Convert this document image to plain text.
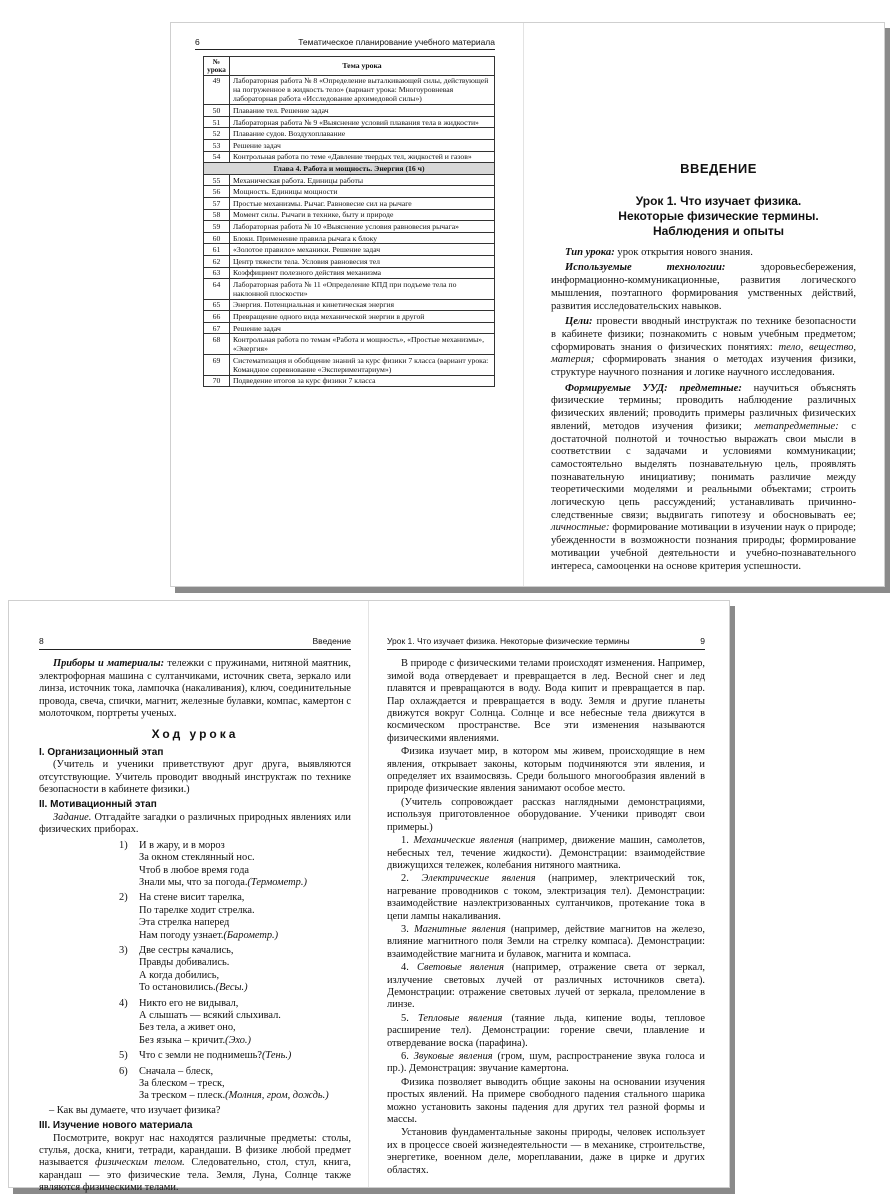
6	Тематическое планирование учебного материала
№ урока	Тема урока
49	Лабораторная работа № 8 «Определение выталкивающей силы, действующей на погруженное в жидкость тело» (вариант урока: Многоуровневая лабораторная работа «Исследование архимедовой силы»)
50	Плавание тел. Решение задач
51	Лабораторная работа № 9 «Выяснение условий плавания тела в жидкости»
52	Плавание судов. Воздухоплавание
53	Решение задач
54	Контрольная работа по теме «Давление твердых тел, жидкостей и газов»
Глава 4. Работа и мощность. Энергия (16 ч)	
55	Механическая работа. Единицы работы
56	Мощность. Единицы мощности
57	Простые механизмы. Рычаг. Равновесие сил на рычаге
58	Момент силы. Рычаги в технике, быту и природе
59	Лабораторная работа № 10 «Выяснение условия равновесия рычага»
60	Блоки. Применение правила рычага к блоку
61	«Золотое правило» механики. Решение задач
62	Центр тяжести тела. Условия равновесия тел
63	Коэффициент полезного действия механизма
64	Лабораторная работа № 11 «Определение КПД при подъеме тела по наклонной плоскости»
65	Энергия. Потенциальная и кинетическая энергия
66	Превращение одного вида механической энергии в другой
67	Решение задач
68	Контрольная работа по темам «Работа и мощность», «Простые механизмы», «Энергия»
69	Систематизация и обобщение знаний за курс физики 7 класса (вариант урока: Командное соревнование «Экспериментариум»)
70	Подведение итогов за курс физики 7 класса
ВВЕДЕНИЕ
Урок 1. Что изучает физика.
Некоторые физические термины.
Наблюдения и опыты

Тип урока: урок открытия нового знания.

Используемые технологии:	здоровьесбережения, информационно-коммуникационные, развития логического мышления, поэтапного формирования умственных действий, развития исследовательских навыков.

Цели: провести вводный инструктаж по технике безопасности в кабинете физики; познакомить с новым учебным предметом; сформировать знания о физических понятиях: тело, вещество, материя; сформировать знания о методах изучения физики, структуре научного познания и логике научного исследования.

Формируемые УУД: предметные: научиться объяснять физические термины; проводить наблюдение различных физических явлений; проводить примеры различных физических явлений, методов изучения физики; метапредметные: с достаточной полнотой и точностью выражать свои мысли в соответствии с задачами и условиями коммуникации; самостоятельно выделять познавательную цель, проявлять познавательную инициативу; понимать различие между теоретическими моделями и реальными объектами; строить логическую цепь рассуждений; устанавливать причинно-следственные связи; выдвигать гипотезу и обосновывать ее; личностные: формирование мотивации в изучении наук о природе; убежденности в возможности познания природы; формирование мотивации учебной деятельности и учебно-познавательного интереса, самооценки на основе критерия успешности.

8	Введение

Приборы и материалы: тележки с пружинами, нитяной маятник, электрофорная машина с султанчиками, источник света, зеркало или линза, источник тока, лампочка (накаливания), ключ, соединительные провода, свеча, спички, магнит, железные булавки, компас, камертон с молоточком, портреты ученых.

Ход урока
I. Организационный этап

(Учитель и ученики приветствуют друг друга, выявляются отсутствующие. Учитель проводит вводный инструктаж по технике безопасности в кабинете физики.)

II. Мотивационный этап

Задание. Отгадайте загадки о различных природных явлениях или физических приборах.

1)	И в жару, и в мороз
За окном стеклянный нос.
Чтоб в любое время года
Знали мы, что за погода.(Термометр.)
2)	На стене висит тарелка,
По тарелке ходит стрелка.
Эта стрелка наперед
Нам погоду узнает.(Барометр.)
3)	Две сестры качались,
Правды добивались.
А когда добились,
То остановились.(Весы.)
4)	Никто его не видывал,
А слышать — всякий слыхивал.
Без тела, а живет оно,
Без языка – кричит.(Эхо.)
5)	Что с земли не поднимешь?(Тень.)
6)	Сначала – блеск,
За блеском – треск,
За треском – плеск.(Молния, гром, дождь.)
– Как вы думаете, что изучает физика?
III. Изучение нового материала

Посмотрите, вокруг нас находятся различные предметы: столы, стулья, доска, книги, тетради, карандаши. В физике любой предмет называется физическим телом. Следовательно, стол, стул, книга, карандаш — это физические тела. Земля, Луна, Солнце также являются физическими телами.

Урок 1. Что изучает физика. Некоторые физические термины	9

В природе с физическими телами происходят изменения. Например, зимой вода отвердевает и превращается в лед. Весной снег и лед плавятся и превращаются в воду. Вода кипит и превращается в пар. Пар охлаждается и превращается в воду. Земля и другие планеты движутся вокруг Солнца. Солнце и все небесные тела движутся в космическом пространстве. Все эти изменения называются физическими явлениями.

Физика изучает мир, в котором мы живем, происходящие в нем явления, открывает законы, которым подчиняются эти явления, и определяет их взаимосвязь. Среди большого многообразия явлений в природе физические явления занимают особое место.

(Учитель сопровождает рассказ наглядными демонстрациями, используя приготовленное оборудование. Ученики приводят свои примеры.)

1. Механические явления (например, движение машин, самолетов, небесных тел, течение жидкости). Демонстрации: взаимодействие движущихся тележек, колебания нитяного маятника.

2. Электрические явления (например, электрический ток, нагревание проводников с током, электризация тел). Демонстрации: взаимодействие наэлектризованных султанчиков, протекание тока в цепи лампы накаливания.

3. Магнитные явления (например, действие магнитов на железо, влияние магнитного поля Земли на стрелку компаса). Демонстрации: взаимодействие магнита и булавок, магнита и компаса.

4. Световые явления (например, отражение света от зеркал, излучение световых лучей от различных источников света). Демонстрации: отражение световых лучей от зеркала, преломление в линзе.

5. Тепловые явления (таяние льда, кипение воды, тепловое расширение тел). Демонстрации: горение свечи, плавление и отвердевание воска (парафина).

6. Звуковые явления (гром, шум, распространение звука голоса и пр.). Демонстрация: звучание камертона.

Физика позволяет выводить общие законы на основании изучения простых явлений. На примере свободного падения стального шарика можно установить законы падения для других тел разной формы и массы.

Установив фундаментальные законы природы, человек использует их в процессе своей жизнедеятельности — в механике, строительстве, энергетике, военном деле, мореплавании, даже в цирке и других областях.
